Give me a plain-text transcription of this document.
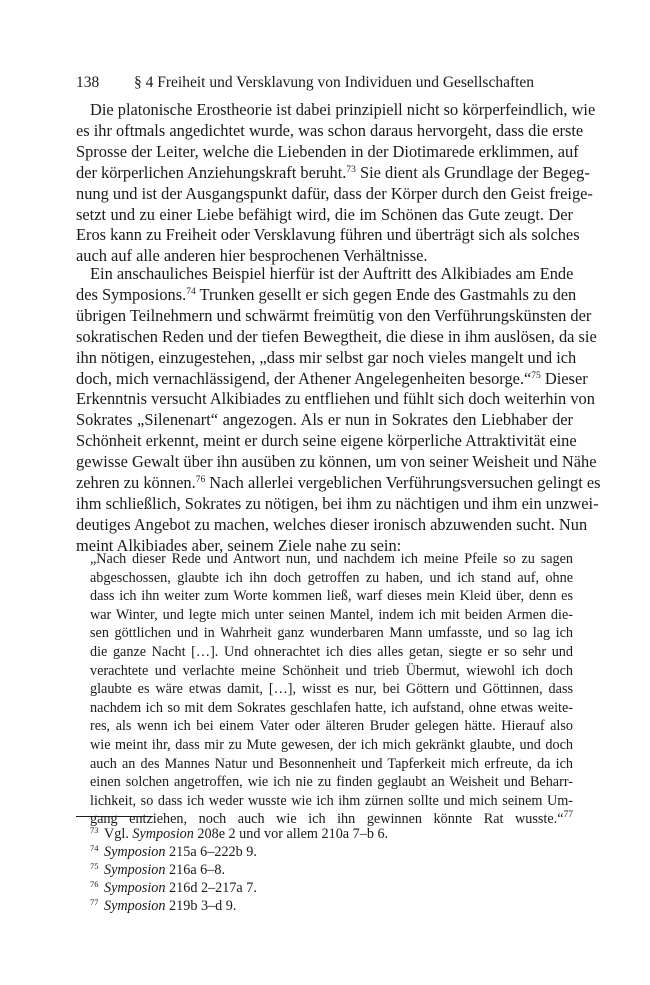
138 § 4 Freiheit und Versklavung von Individuen und Gesellschaften
Die platonische Erostheorie ist dabei prinzipiell nicht so körperfeindlich, wie
es ihr oftmals angedichtet wurde, was schon daraus hervorgeht, dass die erste
Sprosse der Leiter, welche die Liebenden in der Diotimarede erklimmen, auf
der körperlichen Anziehungskraft beruht.$^{73}$ Sie dient als Grundlage der Begeg-
nung und ist der Ausgangspunkt dafür, dass der Körper durch den Geist freige-
setzt und zu einer Liebe befähigt wird, die im Schönen das Gute zeugt. Der
Eros kann zu Freiheit oder Versklavung führen und überträgt sich als solches
auch auf alle anderen hier besprochenen Verhältnisse.
Ein anschauliches Beispiel hierfür ist der Auftritt des Alkibiades am Ende
des Symposions.$^{74}$ Trunken gesellt er sich gegen Ende des Gastmahls zu den
übrigen Teilnehmern und schwärmt freimütig von den Verführungskünsten der
sokratischen Reden und der tiefen Bewegtheit, die diese in ihm auslösen, da sie
ihn nötigen, einzugestehen, „dass mir selbst gar noch vieles mangelt und ich
doch, mich vernachlässigend, der Athener Angelegenheiten besorge.“$^{75}$ Dieser
Erkenntnis versucht Alkibiades zu entfliehen und fühlt sich doch weiterhin von
Sokrates „Silenenart“ angezogen. Als er nun in Sokrates den Liebhaber der
Schönheit erkennt, meint er durch seine eigene körperliche Attraktivität eine
gewisse Gewalt über ihn ausüben zu können, um von seiner Weisheit und Nähe
zehren zu können.$^{76}$ Nach allerlei vergeblichen Verführungsversuchen gelingt es
ihm schließlich, Sokrates zu nötigen, bei ihm zu nächtigen und ihm ein unzwei-
deutiges Angebot zu machen, welches dieser ironisch abzuwenden sucht. Nun
meint Alkibiades aber, seinem Ziele nahe zu sein:
„Nach dieser Rede und Antwort nun, und nachdem ich meine Pfeile so zu sagen
abgeschossen, glaubte ich ihn doch getroffen zu haben, und ich stand auf, ohne
dass ich ihn weiter zum Worte kommen ließ, warf dieses mein Kleid über, denn es
war Winter, und legte mich unter seinen Mantel, indem ich mit beiden Armen die-
sen göttlichen und in Wahrheit ganz wunderbaren Mann umfasste, und so lag ich
die ganze Nacht […]. Und ohnerachtet ich dies alles getan, siegte er so sehr und
verachtete und verlachte meine Schönheit und trieb Übermut, wiewohl ich doch
glaubte es wäre etwas damit, […], wisst es nur, bei Göttern und Göttinnen, dass
nachdem ich so mit dem Sokrates geschlafen hatte, ich aufstand, ohne etwas weite-
res, als wenn ich bei einem Vater oder älteren Bruder gelegen hätte. Hierauf also
wie meint ihr, dass mir zu Mute gewesen, der ich mich gekränkt glaubte, und doch
auch an des Mannes Natur und Besonnenheit und Tapferkeit mich erfreute, da ich
einen solchen angetroffen, wie ich nie zu finden geglaubt an Weisheit und Beharr-
lichkeit, so dass ich weder wusste wie ich ihm zürnen sollte und mich seinem Um-
gang entziehen, noch auch wie ich ihn gewinnen könnte Rat wusste.“$^{77}$
$^{73}$ Vgl. Symposion 208e 2 und vor allem 210a 7–b 6.
$^{74}$ Symposion 215a 6–222b 9.
$^{75}$ Symposion 216a 6–8.
$^{76}$ Symposion 216d 2–217a 7.
$^{77}$ Symposion 219b 3–d 9.
